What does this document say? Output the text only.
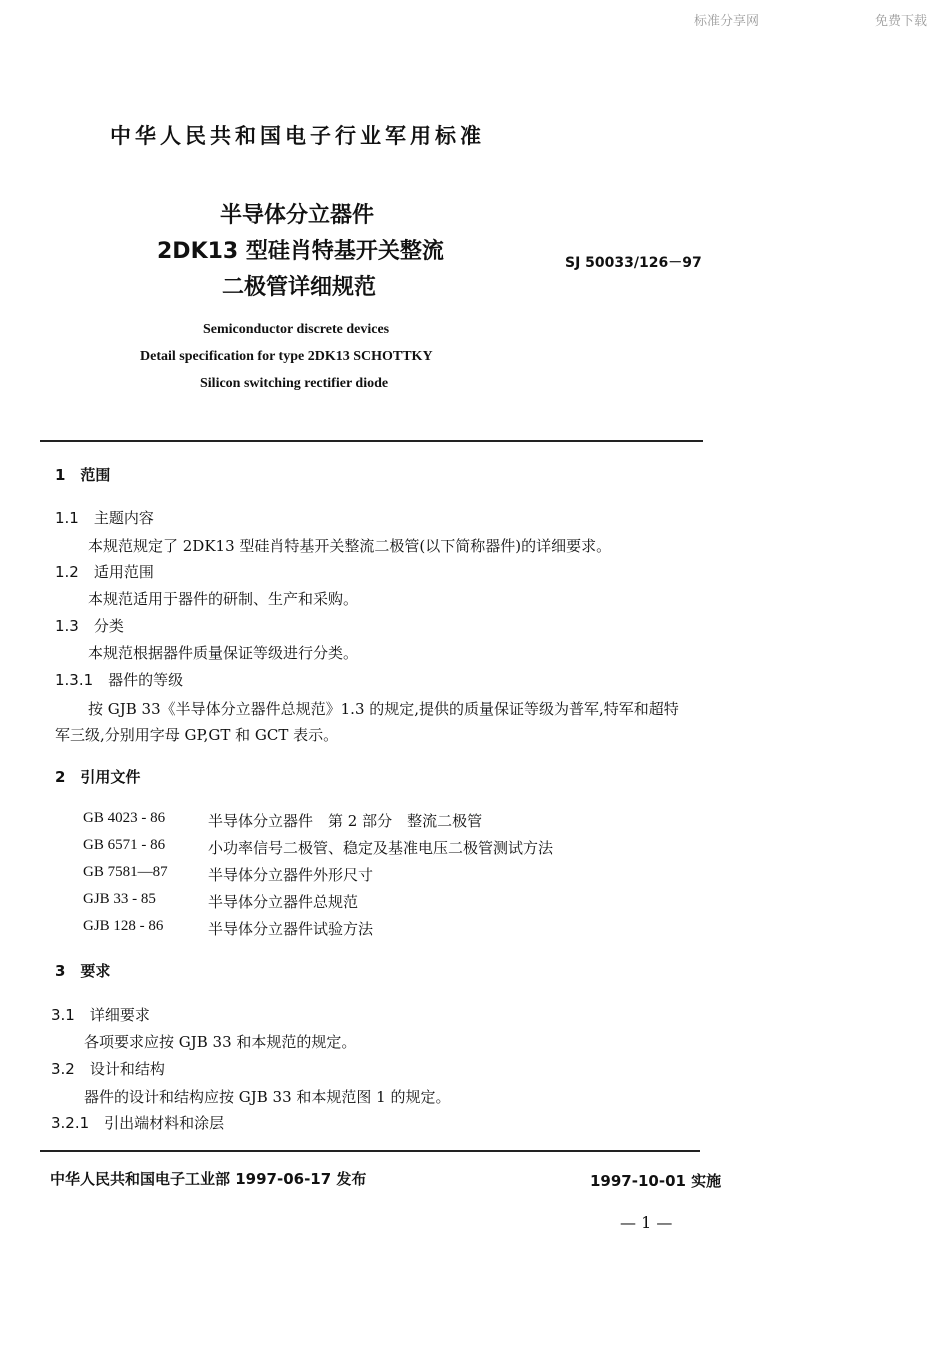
标准分享网	免费下载
中华人民共和国电子行业军用标准
半导体分立器件
2DK13 型硅肖特基开关整流
二极管详细规范
SJ 50033/126－97
Semiconductor discrete devices
Detail specification for type 2DK13 SCHOTTKY
Silicon switching rectifier diode
1　范围
1.1　主题内容
本规范规定了 2DK13 型硅肖特基开关整流二极管(以下简称器件)的详细要求。
1.2　适用范围
本规范适用于器件的研制、生产和采购。
1.3　分类
本规范根据器件质量保证等级进行分类。
1.3.1　器件的等级
按 GJB 33《半导体分立器件总规范》1.3 的规定,提供的质量保证等级为普军,特军和超特
军三级,分别用字母 GP,GT 和 GCT 表示。
2　引用文件
GB 4023 - 86	半导体分立器件　第 2 部分　整流二极管
GB 6571 - 86	小功率信号二极管、稳定及基准电压二极管测试方法
GB 7581—87	半导体分立器件外形尺寸
GJB 33 - 85	半导体分立器件总规范
GJB 128 - 86	半导体分立器件试验方法
3　要求
3.1　详细要求
各项要求应按 GJB 33 和本规范的规定。
3.2　设计和结构
器件的设计和结构应按 GJB 33 和本规范图 1 的规定。
3.2.1　引出端材料和涂层
中华人民共和国电子工业部 1997-06-17 发布	1997-10-01 实施
— 1 —
